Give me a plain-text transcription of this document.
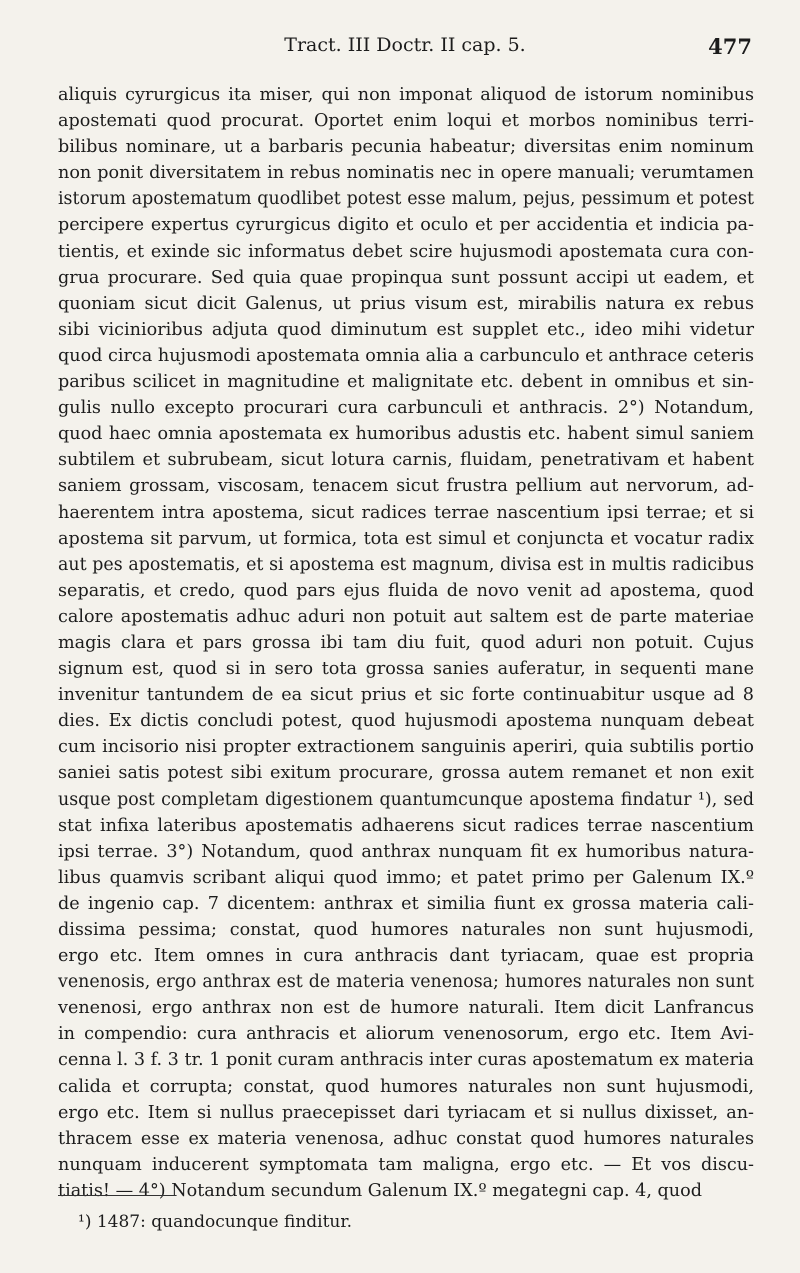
Tract. III Doctr. II cap. 5.	477
aliquis cyrurgicus ita miser, qui non imponat aliquod de istorum nominibus
apostemati quod procurat. Oportet enim loqui et morbos nominibus terri-
bilibus nominare, ut a barbaris pecunia habeatur; diversitas enim nominum
non ponit diversitatem in rebus nominatis nec in opere manuali; verumtamen
istorum apostematum quodlibet potest esse malum, pejus, pessimum et potest
percipere expertus cyrurgicus digito et oculo et per accidentia et indicia pa-
tientis, et exinde sic informatus debet scire hujusmodi apostemata cura con-
grua procurare. Sed quia quae propinqua sunt possunt accipi ut eadem, et
quoniam sicut dicit Galenus, ut prius visum est, mirabilis natura ex rebus
sibi vicinioribus adjuta quod diminutum est supplet etc., ideo mihi videtur
quod circa hujusmodi apostemata omnia alia a carbunculo et anthrace ceteris
paribus scilicet in magnitudine et malignitate etc. debent in omnibus et sin-
gulis nullo excepto procurari cura carbunculi et anthracis. 2°) Notandum,
quod haec omnia apostemata ex humoribus adustis etc. habent simul saniem
subtilem et subrubeam, sicut lotura carnis, fluidam, penetrativam et habent
saniem grossam, viscosam, tenacem sicut frustra pellium aut nervorum, ad-
haerentem intra apostema, sicut radices terrae nascentium ipsi terrae; et si
apostema sit parvum, ut formica, tota est simul et conjuncta et vocatur radix
aut pes apostematis, et si apostema est magnum, divisa est in multis radicibus
separatis, et credo, quod pars ejus fluida de novo venit ad apostema, quod
calore apostematis adhuc aduri non potuit aut saltem est de parte materiae
magis clara et pars grossa ibi tam diu fuit, quod aduri non potuit. Cujus
signum est, quod si in sero tota grossa sanies auferatur, in sequenti mane
invenitur tantundem de ea sicut prius et sic forte continuabitur usque ad 8
dies. Ex dictis concludi potest, quod hujusmodi apostema nunquam debeat
cum incisorio nisi propter extractionem sanguinis aperiri, quia subtilis portio
saniei satis potest sibi exitum procurare, grossa autem remanet et non exit
usque post completam digestionem quantumcunque apostema findatur ¹), sed
stat infixa lateribus apostematis adhaerens sicut radices terrae nascentium
ipsi terrae. 3°) Notandum, quod anthrax nunquam fit ex humoribus natura-
libus quamvis scribant aliqui quod immo; et patet primo per Galenum IX.º
de ingenio cap. 7 dicentem: anthrax et similia fiunt ex grossa materia cali-
dissima pessima; constat, quod humores naturales non sunt hujusmodi,
ergo etc. Item omnes in cura anthracis dant tyriacam, quae est propria
venenosis, ergo anthrax est de materia venenosa; humores naturales non sunt
venenosi, ergo anthrax non est de humore naturali. Item dicit Lanfrancus
in compendio: cura anthracis et aliorum venenosorum, ergo etc. Item Avi-
cenna l. 3 f. 3 tr. 1 ponit curam anthracis inter curas apostematum ex materia
calida et corrupta; constat, quod humores naturales non sunt hujusmodi,
ergo etc. Item si nullus praecepisset dari tyriacam et si nullus dixisset, an-
thracem esse ex materia venenosa, adhuc constat quod humores naturales
nunquam inducerent symptomata tam maligna, ergo etc. — Et vos discu-
tiatis! — 4°) Notandum secundum Galenum IX.º megategni cap. 4, quod
¹) 1487: quandocunque finditur.
